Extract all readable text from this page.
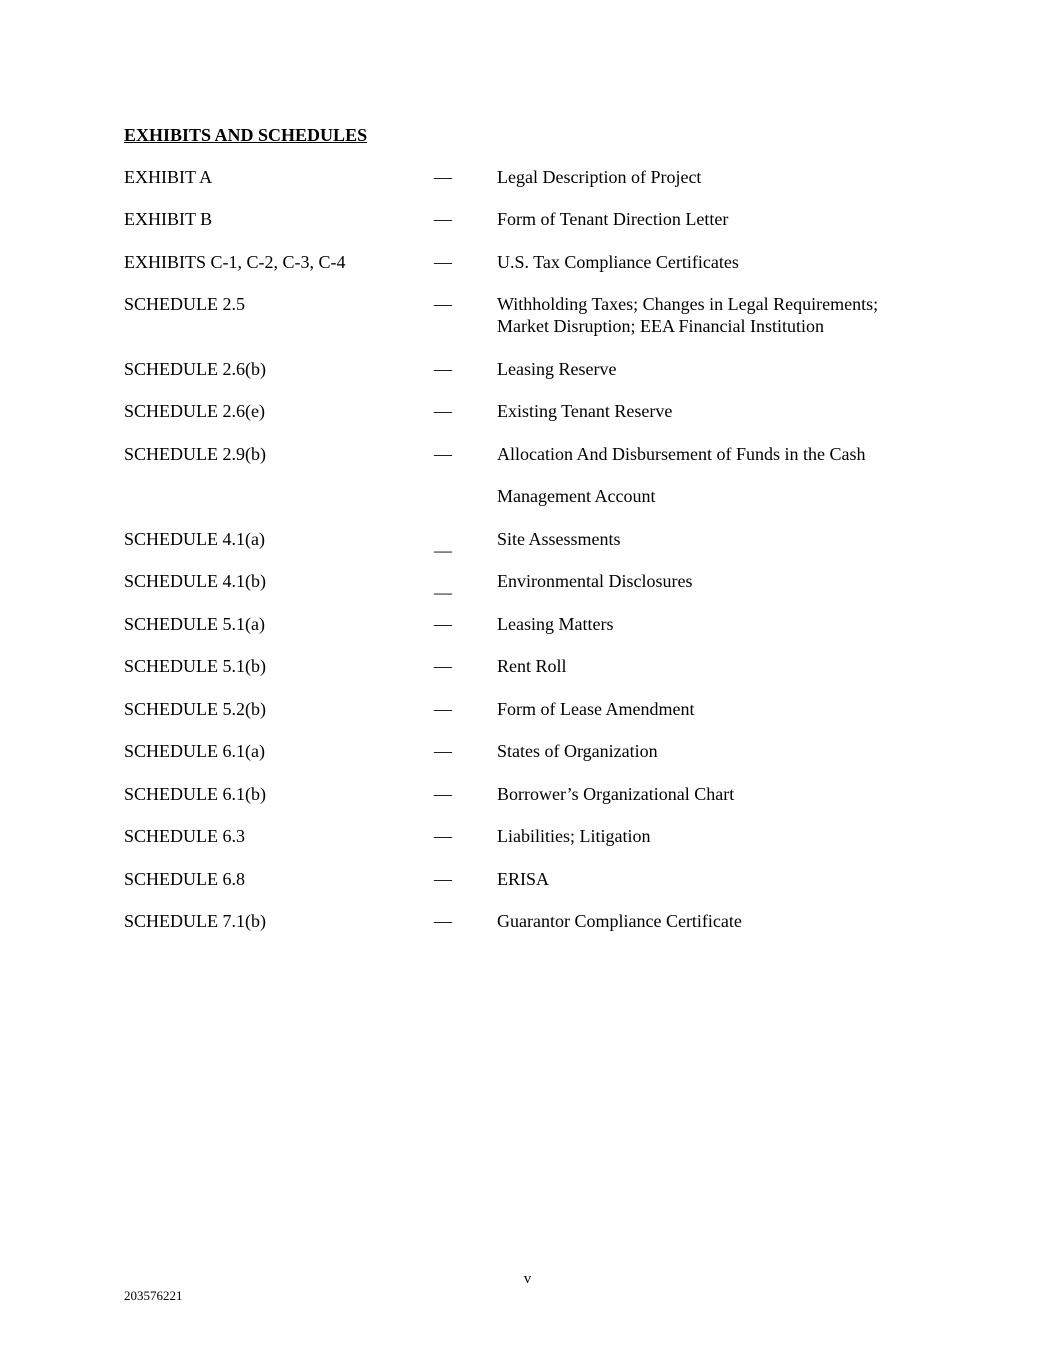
EXHIBITS AND SCHEDULES
EXHIBIT A	—	Legal Description of Project
EXHIBIT B	—	Form of Tenant Direction Letter
EXHIBITS C-1, C-2, C-3, C-4	—	U.S. Tax Compliance Certificates
SCHEDULE 2.5	—	Withholding Taxes; Changes in Legal Requirements;
Market Disruption; EEA Financial Institution
SCHEDULE 2.6(b)	—	Leasing Reserve
SCHEDULE 2.6(e)	—	Existing Tenant Reserve
SCHEDULE 2.9(b)	—	Allocation And Disbursement of Funds in the Cash
Management Account
SCHEDULE 4.1(a)	__	Site Assessments
SCHEDULE 4.1(b)	__	Environmental Disclosures
SCHEDULE 5.1(a)	—	Leasing Matters
SCHEDULE 5.1(b)	—	Rent Roll
SCHEDULE 5.2(b)	—	Form of Lease Amendment
SCHEDULE 6.1(a)	—	States of Organization
SCHEDULE 6.1(b)	—	Borrower’s Organizational Chart
SCHEDULE 6.3	—	Liabilities; Litigation
SCHEDULE 6.8	—	ERISA
SCHEDULE 7.1(b)	—	Guarantor Compliance Certificate
v
203576221
